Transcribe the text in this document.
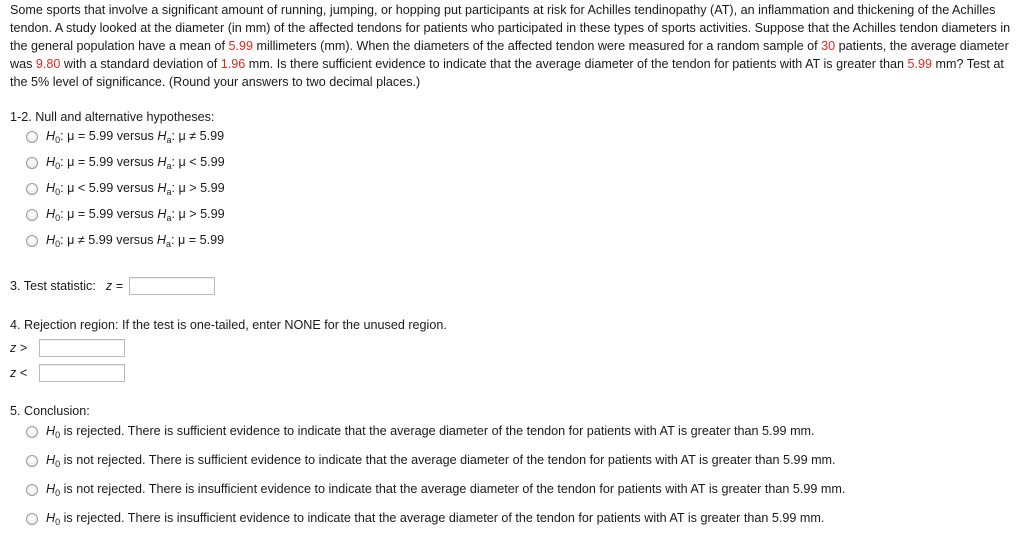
Some sports that involve a significant amount of running, jumping, or hopping put participants at risk for Achilles tendinopathy (AT), an inflammation and thickening of the Achilles tendon. A study looked at the diameter (in mm) of the affected tendons for patients who participated in these types of sports activities. Suppose that the Achilles tendon diameters in the general population have a mean of 5.99 millimeters (mm). When the diameters of the affected tendon were measured for a random sample of 30 patients, the average diameter was 9.80 with a standard deviation of 1.96 mm. Is there sufficient evidence to indicate that the average diameter of the tendon for patients with AT is greater than 5.99 mm? Test at the 5% level of significance. (Round your answers to two decimal places.)
1-2. Null and alternative hypotheses:
$H_0$: μ = 5.99 versus $H_a$: μ ≠ 5.99
$H_0$: μ = 5.99 versus $H_a$: μ < 5.99
$H_0$: μ < 5.99 versus $H_a$: μ > 5.99
$H_0$: μ = 5.99 versus $H_a$: μ > 5.99
$H_0$: μ ≠ 5.99 versus $H_a$: μ = 5.99
3. Test statistic: z =
4. Rejection region: If the test is one-tailed, enter NONE for the unused region.
z >
z <
5. Conclusion:
$H_0$ is rejected. There is sufficient evidence to indicate that the average diameter of the tendon for patients with AT is greater than 5.99 mm.
$H_0$ is not rejected. There is sufficient evidence to indicate that the average diameter of the tendon for patients with AT is greater than 5.99 mm.
$H_0$ is not rejected. There is insufficient evidence to indicate that the average diameter of the tendon for patients with AT is greater than 5.99 mm.
$H_0$ is rejected. There is insufficient evidence to indicate that the average diameter of the tendon for patients with AT is greater than 5.99 mm.
